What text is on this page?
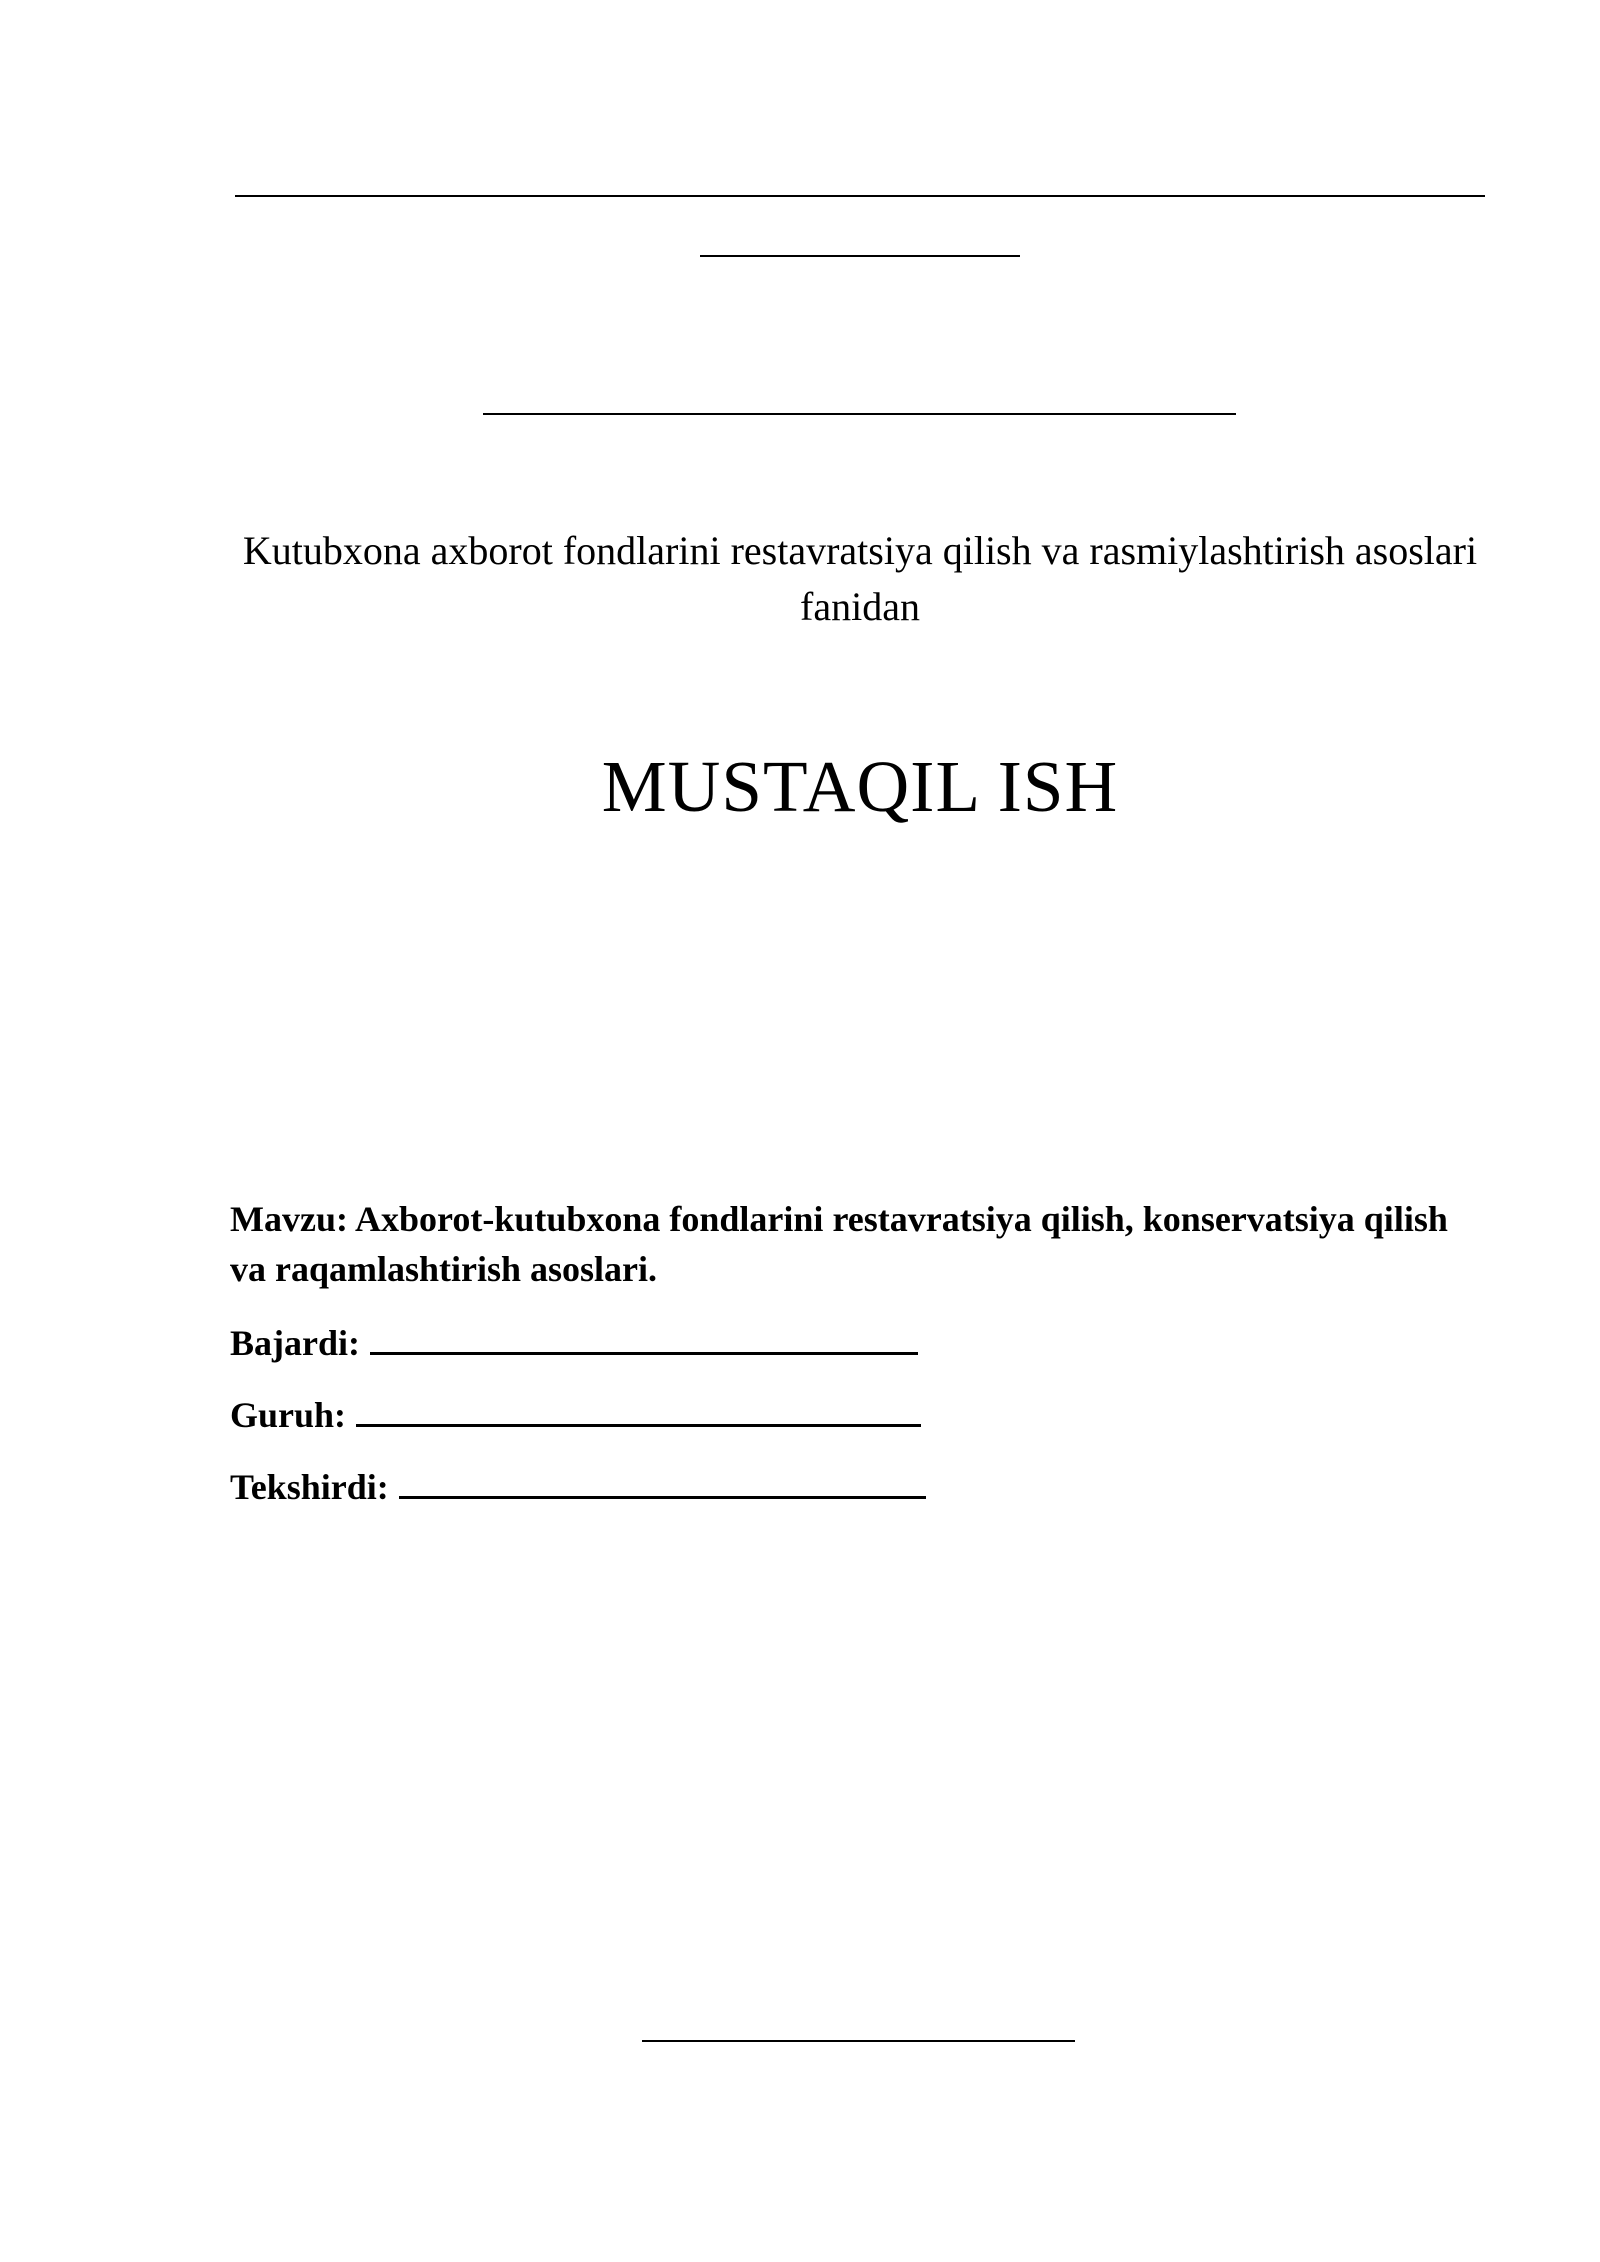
Kutubxona axborot fondlarini restavratsiya qilish va rasmiylashtirish asoslari fanidan

MUSTAQIL ISH

Mavzu: Axborot-kutubxona fondlarini restavratsiya qilish, konservatsiya qilish va raqamlashtirish asoslari.

Bajardi:

Guruh:

Tekshirdi:
